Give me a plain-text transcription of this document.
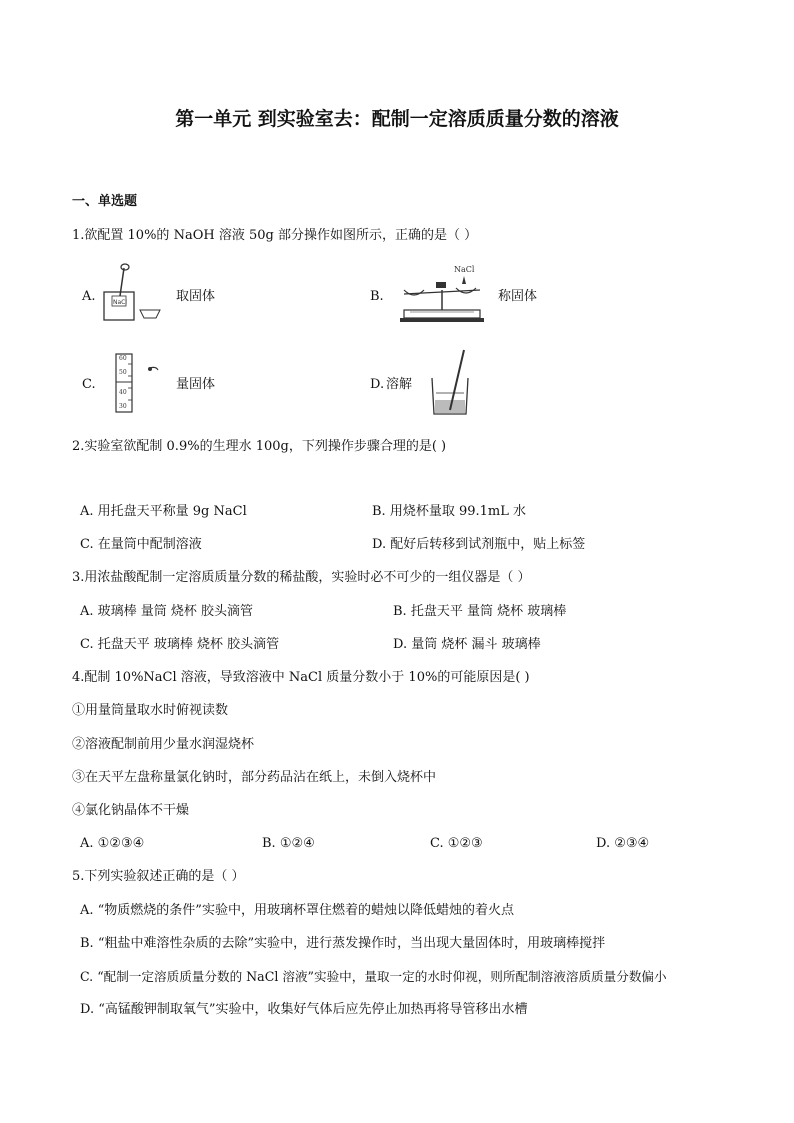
第一单元 到实验室去：配制一定溶质质量分数的溶液
一、单选题
1.欲配置 10%的 NaOH 溶液 50g 部分操作如图所示，正确的是（ ）
A.	NaCl	取固体	B.
NaCl
称固体
C.
60
50
40
30
量固体	D. 溶解
2.实验室欲配制 0.9%的生理水 100g，下列操作步骤合理的是( )
A. 用托盘天平称量 9g NaCl	B. 用烧杯量取 99.1mL 水
C. 在量筒中配制溶液	D. 配好后转移到试剂瓶中，贴上标签
3.用浓盐酸配制一定溶质质量分数的稀盐酸，实验时必不可少的一组仪器是（ ）
A. 玻璃棒 量筒 烧杯 胶头滴管	B. 托盘天平 量筒 烧杯 玻璃棒
C. 托盘天平 玻璃棒 烧杯 胶头滴管	D. 量筒 烧杯 漏斗 玻璃棒
4.配制 10%NaCl 溶液，导致溶液中 NaCl 质量分数小于 10%的可能原因是( )
①用量筒量取水时俯视读数
②溶液配制前用少量水润湿烧杯
③在天平左盘称量氯化钠时，部分药品沾在纸上，未倒入烧杯中
④氯化钠晶体不干燥
A. ①②③④	B. ①②④	C. ①②③	D. ②③④
5.下列实验叙述正确的是（ ）
A. “物质燃烧的条件”实验中，用玻璃杯罩住燃着的蜡烛以降低蜡烛的着火点
B. “粗盐中难溶性杂质的去除”实验中，进行蒸发操作时，当出现大量固体时，用玻璃棒搅拌
C. “配制一定溶质质量分数的 NaCl 溶液”实验中，量取一定的水时仰视，则所配制溶液溶质质量分数偏小
D. “高锰酸钾制取氧气”实验中，收集好气体后应先停止加热再将导管移出水槽
